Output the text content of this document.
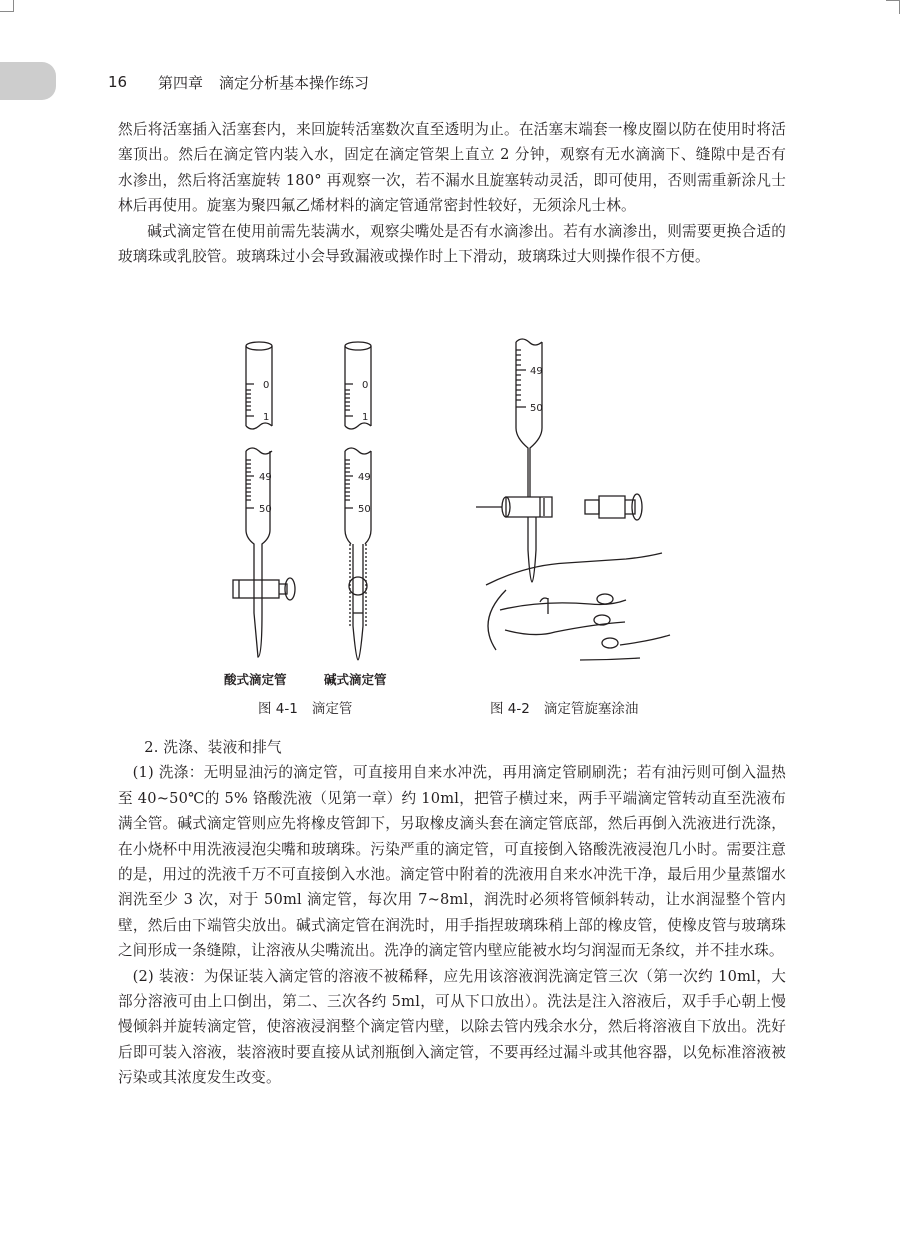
16	第四章 滴定分析基本操作练习

然后将活塞插入活塞套内，来回旋转活塞数次直至透明为止。在活塞末端套一橡皮圈以防在使用时将活塞顶出。然后在滴定管内装入水，固定在滴定管架上直立 2 分钟，观察有无水滴滴下、缝隙中是否有水渗出，然后将活塞旋转 180° 再观察一次，若不漏水且旋塞转动灵活，即可使用，否则需重新涂凡士林后再使用。旋塞为聚四氟乙烯材料的滴定管通常密封性较好，无须涂凡士林。

碱式滴定管在使用前需先装满水，观察尖嘴处是否有水滴渗出。若有水滴渗出，则需要更换合适的玻璃珠或乳胶管。玻璃珠过小会导致漏液或操作时上下滑动，玻璃珠过大则操作很不方便。

0
1
49
50
0
1
49
50
49
50
酸式滴定管	碱式滴定管
图 4-1 滴定管	图 4-2 滴定管旋塞涂油

2. 洗涤、装液和排气

(1) 洗涤：无明显油污的滴定管，可直接用自来水冲洗，再用滴定管刷刷洗；若有油污则可倒入温热至 40~50℃的 5% 铬酸洗液（见第一章）约 10ml，把管子横过来，两手平端滴定管转动直至洗液布满全管。碱式滴定管则应先将橡皮管卸下，另取橡皮滴头套在滴定管底部，然后再倒入洗液进行洗涤，在小烧杯中用洗液浸泡尖嘴和玻璃珠。污染严重的滴定管，可直接倒入铬酸洗液浸泡几小时。需要注意的是，用过的洗液千万不可直接倒入水池。滴定管中附着的洗液用自来水冲洗干净，最后用少量蒸馏水润洗至少 3 次，对于 50ml 滴定管，每次用 7~8ml，润洗时必须将管倾斜转动，让水润湿整个管内壁，然后由下端管尖放出。碱式滴定管在润洗时，用手指捏玻璃珠稍上部的橡皮管，使橡皮管与玻璃珠之间形成一条缝隙，让溶液从尖嘴流出。洗净的滴定管内壁应能被水均匀润湿而无条纹，并不挂水珠。

(2) 装液：为保证装入滴定管的溶液不被稀释，应先用该溶液润洗滴定管三次（第一次约 10ml，大部分溶液可由上口倒出，第二、三次各约 5ml，可从下口放出）。洗法是注入溶液后，双手手心朝上慢慢倾斜并旋转滴定管，使溶液浸润整个滴定管内壁，以除去管内残余水分，然后将溶液自下放出。洗好后即可装入溶液，装溶液时要直接从试剂瓶倒入滴定管，不要再经过漏斗或其他容器，以免标准溶液被污染或其浓度发生改变。
